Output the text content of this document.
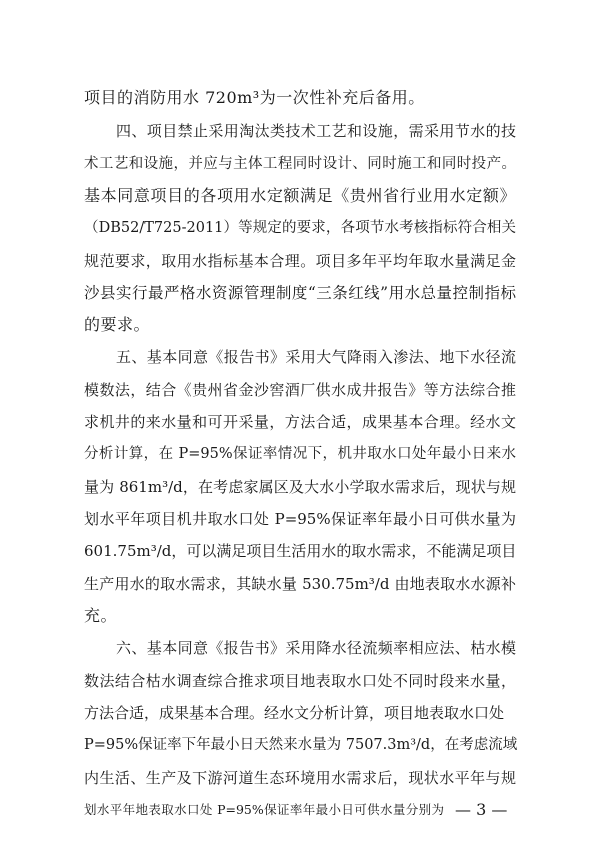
项目的消防用水 720m³为一次性补充后备用。
四、项目禁止采用淘汰类技术工艺和设施，需采用节水的技
术工艺和设施，并应与主体工程同时设计、同时施工和同时投产。
基本同意项目的各项用水定额满足《贵州省行业用水定额》
（DB52/T725-2011）等规定的要求，各项节水考核指标符合相关
规范要求，取用水指标基本合理。项目多年平均年取水量满足金
沙县实行最严格水资源管理制度“三条红线”用水总量控制指标
的要求。
五、基本同意《报告书》采用大气降雨入渗法、地下水径流
模数法，结合《贵州省金沙窖酒厂供水成井报告》等方法综合推
求机井的来水量和可开采量，方法合适，成果基本合理。经水文
分析计算，在 P=95%保证率情况下，机井取水口处年最小日来水
量为 861m³/d，在考虑家属区及大水小学取水需求后，现状与规
划水平年项目机井取水口处 P=95%保证率年最小日可供水量为
601.75m³/d，可以满足项目生活用水的取水需求，不能满足项目
生产用水的取水需求，其缺水量 530.75m³/d 由地表取水水源补
充。
六、基本同意《报告书》采用降水径流频率相应法、枯水模
数法结合枯水调查综合推求项目地表取水口处不同时段来水量，
方法合适，成果基本合理。经水文分析计算，项目地表取水口处
P=95%保证率下年最小日天然来水量为 7507.3m³/d，在考虑流域
内生活、生产及下游河道生态环境用水需求后，现状水平年与规
划水平年地表取水口处 P=95%保证率年最小日可供水量分别为 — 3 —
